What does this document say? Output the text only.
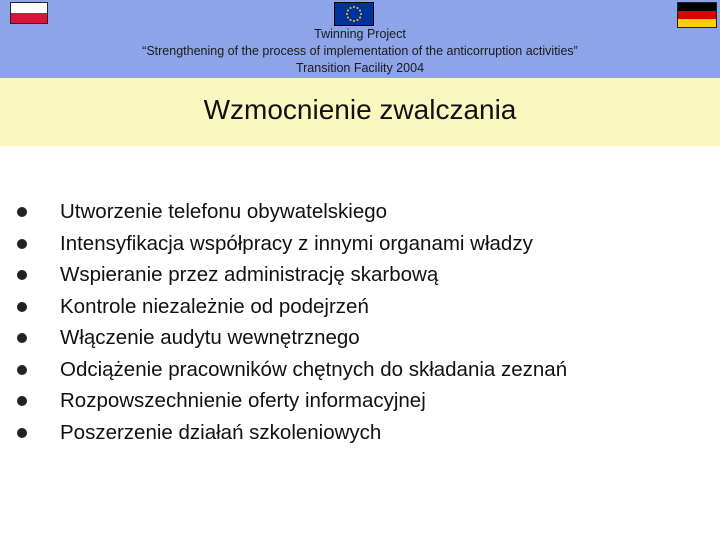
Twinning Project
“Strengthening of the process of implementation of the anticorruption activities”
Transition Facility 2004
Wzmocnienie zwalczania
Utworzenie telefonu obywatelskiego
Intensyfikacja współpracy z innymi organami władzy
Wspieranie przez administrację skarbową
Kontrole niezależnie od podejrzeń
Włączenie audytu wewnętrznego
Odciążenie pracowników chętnych do składania zeznań
Rozpowszechnienie oferty informacyjnej
Poszerzenie działań szkoleniowych
